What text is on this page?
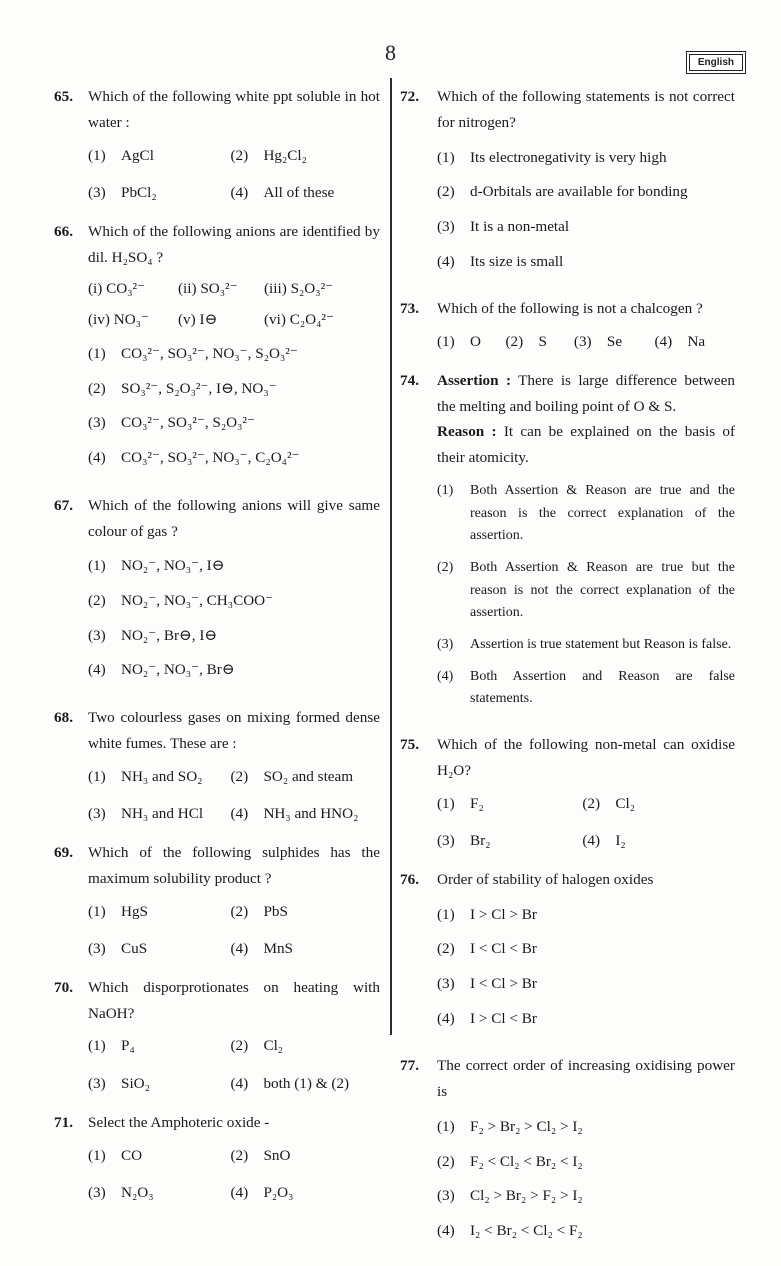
8	English
65. Which of the following white ppt soluble in hot water :

(1)	AgCl	(2)	Hg₂Cl₂
(3)	PbCl₂	(4)	All of these
66. Which of the following anions are identified by dil. H₂SO₄ ?

(i) CO₃²⁻	(ii) SO₃²⁻	(iii) S₂O₃²⁻
(iv) NO₃⁻	(v) I⊖	(vi) C₂O₄²⁻
(1)	CO₃²⁻, SO₃²⁻, NO₃⁻, S₂O₃²⁻
(2)	SO₃²⁻, S₂O₃²⁻, I⊖, NO₃⁻
(3)	CO₃²⁻, SO₃²⁻, S₂O₃²⁻
(4)	CO₃²⁻, SO₃²⁻, NO₃⁻, C₂O₄²⁻
67. Which of the following anions will give same colour of gas ?

(1)	NO₂⁻, NO₃⁻, I⊖
(2)	NO₂⁻, NO₃⁻, CH₃COO⁻
(3)	NO₂⁻, Br⊖, I⊖
(4)	NO₂⁻, NO₃⁻, Br⊖
68. Two colourless gases on mixing formed dense white fumes. These are :

(1)	NH₃ and SO₂	(2)	SO₂ and steam
(3)	NH₃ and HCl	(4)	NH₃ and HNO₂
69. Which of the following sulphides has the maximum solubility product ?

(1)	HgS	(2)	PbS
(3)	CuS	(4)	MnS
70. Which disporprotionates on heating with NaOH?

(1)	P₄	(2)	Cl₂
(3)	SiO₂	(4)	both (1) & (2)
71. Select the Amphoteric oxide -

(1)	CO	(2)	SnO
(3)	N₂O₃	(4)	P₂O₃
72.	Which of the following statements is not correct for nitrogen?

(1)	Its electronegativity is very high
(2)	d-Orbitals are available for bonding
(3)	It is a non-metal
(4)	Its size is small
73.	Which of the following is not a chalcogen ?

(1)	O	(2)	S	(3)	Se	(4)	Na
74.	Assertion : There is large difference between the melting and boiling point of O & S.

Reason : It can be explained on the basis of their atomicity.

(1)	Both Assertion & Reason are true and the reason is the correct explanation of the assertion.
(2)	Both Assertion & Reason are true but the reason is not the correct explanation of the assertion.
(3)	Assertion is true statement but Reason is false.
(4)	Both Assertion and Reason are false statements.
75.	Which of the following non-metal can oxidise H₂O?

(1)	F₂	(2)	Cl₂
(3)	Br₂	(4)	I₂
76.	Order of stability of halogen oxides

(1)	I > Cl > Br
(2)	I < Cl < Br
(3)	I < Cl > Br
(4)	I > Cl < Br
77.	The correct order of increasing oxidising power is

(1)	F₂ > Br₂ > Cl₂ > I₂
(2)	F₂ < Cl₂ < Br₂ < I₂
(3)	Cl₂ > Br₂ > F₂ > I₂
(4)	I₂ < Br₂ < Cl₂ < F₂
